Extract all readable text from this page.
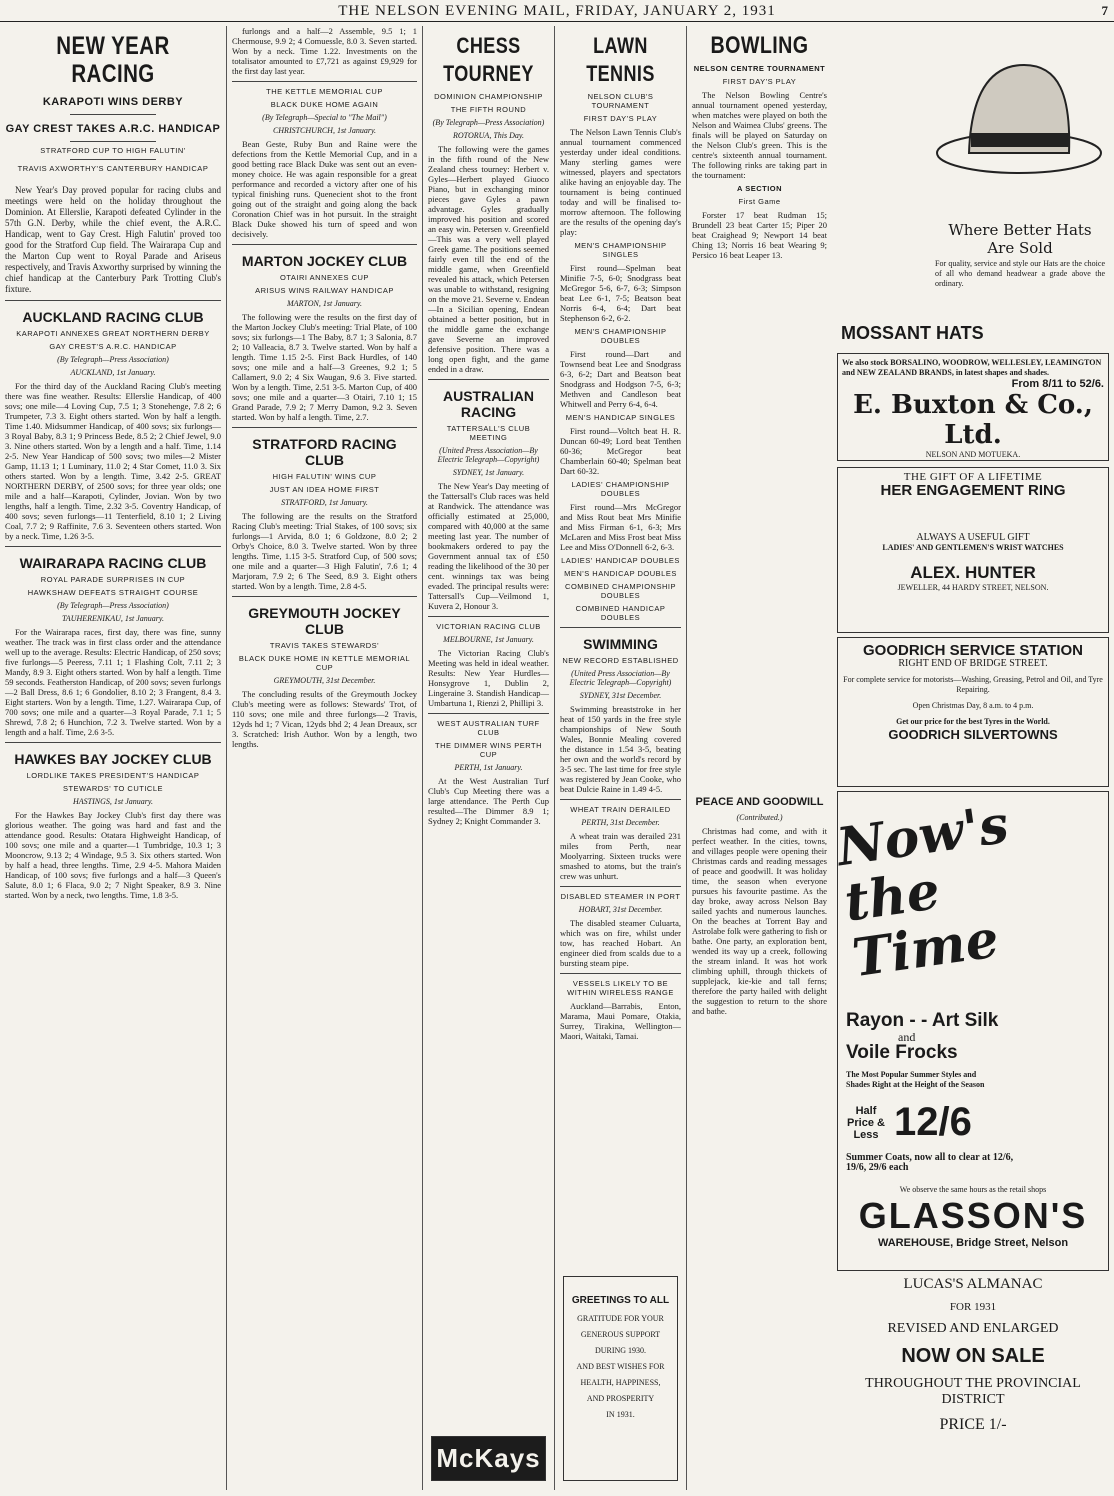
THE NELSON EVENING MAIL, FRIDAY, JANUARY 2, 1931	7
NEW YEAR RACING
KARAPOTI WINS DERBY
GAY CREST TAKES A.R.C. HANDICAP
STRATFORD CUP TO HIGH FALUTIN'
TRAVIS AXWORTHY'S CANTERBURY HANDICAP

New Year's Day proved popular for racing clubs and meetings were held on the holiday throughout the Dominion. At Ellerslie, Karapoti defeated Cylinder in the 57th G.N. Derby, while the chief event, the A.R.C. Handicap, went to Gay Crest. High Falutin' proved too good for the Stratford Cup field. The Wairarapa Cup and the Marton Cup went to Royal Parade and Ariseus respectively, and Travis Axworthy surprised by winning the chief handicap at the Canterbury Park Trotting Club's fixture.

AUCKLAND RACING CLUB
KARAPOTI ANNEXES GREAT NORTHERN DERBY
GAY CREST'S A.R.C. HANDICAP
(By Telegraph—Press Association)
AUCKLAND, 1st January.

For the third day of the Auckland Racing Club's meeting there was fine weather. Results: Ellerslie Handicap, of 400 sovs; one mile—4 Loving Cup, 7.5 1; 3 Stonehenge, 7.8 2; 6 Trumpeter, 7.3 3. Eight others started. Won by half a length. Time 1.40. Midsummer Handicap, of 400 sovs; six furlongs—3 Royal Baby, 8.3 1; 9 Princess Bede, 8.5 2; 2 Chief Jewel, 9.0 3. Nine others started. Won by a length and a half. Time, 1.14 2-5. New Year Handicap of 500 sovs; two miles—2 Mister Gamp, 11.13 1; 1 Luminary, 11.0 2; 4 Star Comet, 11.0 3. Six others started. Won by a length. Time, 3.42 2-5. GREAT NORTHERN DERBY, of 2500 sovs; for three year olds; one mile and a half—Karapoti, Cylinder, Jovian. Won by two lengths, half a length. Time, 2.32 3-5. Coventry Handicap, of 400 sovs; seven furlongs—11 Tenterfield, 8.10 1; 2 Living Coal, 7.7 2; 9 Raffinite, 7.6 3. Seventeen others started. Won by a neck. Time, 1.26 3-5.

WAIRARAPA RACING CLUB
ROYAL PARADE SURPRISES IN CUP
HAWKSHAW DEFEATS STRAIGHT COURSE
(By Telegraph—Press Association)
TAUHERENIKAU, 1st January.

For the Wairarapa races, first day, there was fine, sunny weather. The track was in first class order and the attendance well up to the average. Results: Electric Handicap, of 250 sovs; five furlongs—5 Peeress, 7.11 1; 1 Flashing Colt, 7.11 2; 3 Mandy, 8.9 3. Eight others started. Won by half a length. Time 59 seconds. Featherston Handicap, of 200 sovs; seven furlongs—2 Ball Dress, 8.6 1; 6 Gondolier, 8.10 2; 3 Frangent, 8.4 3. Eight starters. Won by a length. Time, 1.27. Wairarapa Cup, of 700 sovs; one mile and a quarter—3 Royal Parade, 7.1 1; 5 Shrewd, 7.8 2; 6 Hunchion, 7.2 3. Twelve started. Won by a length and a half. Time, 2.6 3-5.

HAWKES BAY JOCKEY CLUB
LORDLIKE TAKES PRESIDENT'S HANDICAP
STEWARDS' TO CUTICLE
HASTINGS, 1st January.

For the Hawkes Bay Jockey Club's first day there was glorious weather. The going was hard and fast and the attendance good. Results: Otatara Highweight Handicap, of 100 sovs; one mile and a quarter—1 Tumbridge, 10.3 1; 3 Mooncrow, 9.13 2; 4 Windage, 9.5 3. Six others started. Won by half a head, three lengths. Time, 2.9 4-5. Mahora Maiden Handicap, of 100 sovs; five furlongs and a half—3 Queen's Salute, 8.0 1; 6 Flaca, 9.0 2; 7 Night Speaker, 8.9 3. Nine started. Won by a neck, two lengths. Time, 1.8 3-5.

furlongs and a half—2 Assemble, 9.5 1; 1 Chermouse, 9.9 2; 4 Comuessle, 8.0 3. Seven started. Won by a neck. Time 1.22. Investments on the totalisator amounted to £7,721 as against £9,929 for the first day last year.

THE KETTLE MEMORIAL CUP
BLACK DUKE HOME AGAIN
(By Telegraph—Special to "The Mail")
CHRISTCHURCH, 1st January.

Bean Geste, Ruby Bun and Raine were the defections from the Kettle Memorial Cup, and in a good betting race Black Duke was sent out an even-money choice. He was again responsible for a great performance and recorded a victory after one of his typical finishing runs. Quenecient shot to the front going out of the straight and going along the back Coronation Chief was in hot pursuit. In the straight Black Duke showed his turn of speed and won decisively.

MARTON JOCKEY CLUB
OTAIRI ANNEXES CUP
ARISUS WINS RAILWAY HANDICAP
MARTON, 1st January.

The following were the results on the first day of the Marton Jockey Club's meeting: Trial Plate, of 100 sovs; six furlongs—1 The Baby, 8.7 1; 3 Salonia, 8.7 2; 10 Valleacia, 8.7 3. Twelve started. Won by half a length. Time 1.15 2-5. First Back Hurdles, of 140 sovs; one mile and a half—3 Greenes, 9.2 1; 5 Callamert, 9.0 2; 4 Six Waugan, 9.6 3. Five started. Won by a length. Time, 2.51 3-5. Marton Cup, of 400 sovs; one mile and a quarter—3 Otairi, 7.10 1; 15 Grand Parade, 7.9 2; 7 Merry Damon, 9.2 3. Seven started. Won by half a length. Time, 2.7.

STRATFORD RACING CLUB
HIGH FALUTIN' WINS CUP
JUST AN IDEA HOME FIRST
STRATFORD, 1st January.

The following are the results on the Stratford Racing Club's meeting: Trial Stakes, of 100 sovs; six furlongs—1 Arvida, 8.0 1; 6 Goldzone, 8.0 2; 2 Orby's Choice, 8.0 3. Twelve started. Won by three lengths. Time, 1.15 3-5. Stratford Cup, of 500 sovs; one mile and a quarter—3 High Falutin', 7.6 1; 4 Marjoram, 7.9 2; 6 The Seed, 8.9 3. Eight others started. Won by a length. Time, 2.8 4-5.

GREYMOUTH JOCKEY CLUB
TRAVIS TAKES STEWARDS'
BLACK DUKE HOME IN KETTLE MEMORIAL CUP
GREYMOUTH, 31st December.

The concluding results of the Greymouth Jockey Club's meeting were as follows: Stewards' Trot, of 110 sovs; one mile and three furlongs—2 Travis, 12yds hd 1; 7 Vican, 12yds bhd 2; 4 Jean Dreaux, scr 3. Scratched: Irish Author. Won by a length, two lengths.

CHESS TOURNEY
DOMINION CHAMPIONSHIP
THE FIFTH ROUND
(By Telegraph—Press Association)
ROTORUA, This Day.

The following were the games in the fifth round of the New Zealand chess tourney: Herbert v. Gyles—Herbert played Giuoco Piano, but in exchanging minor pieces gave Gyles a pawn advantage. Gyles gradually improved his position and scored an easy win. Petersen v. Greenfield—This was a very well played Greek game. The positions seemed fairly even till the end of the middle game, when Greenfield revealed his attack, which Petersen was unable to withstand, resigning on the move 21. Severne v. Endean—In a Sicilian opening, Endean obtained a better position, but in the middle game the exchange gave Severne an improved defensive position. There was a long open fight, and the game ended in a draw.

AUSTRALIAN RACING
TATTERSALL'S CLUB MEETING
(United Press Association—By Electric Telegraph—Copyright)
SYDNEY, 1st January.

The New Year's Day meeting of the Tattersall's Club races was held at Randwick. The attendance was officially estimated at 25,000, compared with 40,000 at the same meeting last year. The number of bookmakers ordered to pay the Government annual tax of £50 reading the likelihood of the 30 per cent. winnings tax was being evaded. The principal results were: Tattersall's Cup—Veilmond 1, Kuvera 2, Honour 3.

VICTORIAN RACING CLUB
MELBOURNE, 1st January.

The Victorian Racing Club's Meeting was held in ideal weather. Results: New Year Hurdles—Honsygrove 1, Dublin 2, Lingeraine 3. Standish Handicap—Umbartuna 1, Rienzi 2, Phillipi 3.

WEST AUSTRALIAN TURF CLUB
THE DIMMER WINS PERTH CUP
PERTH, 1st January.

At the West Australian Turf Club's Cup Meeting there was a large attendance. The Perth Cup resulted—The Dimmer 8.9 1; Sydney 2; Knight Commander 3.

McKays
LAWN TENNIS
NELSON CLUB'S TOURNAMENT
FIRST DAY'S PLAY

The Nelson Lawn Tennis Club's annual tournament commenced yesterday under ideal conditions. Many sterling games were witnessed, players and spectators alike having an enjoyable day. The tournament is being continued today and will be finalised to-morrow afternoon. The following are the results of the opening day's play:

MEN'S CHAMPIONSHIP SINGLES

First round—Spelman beat Minifie 7-5, 6-0; Snodgrass beat McGregor 5-6, 6-7, 6-3; Simpson beat Lee 6-1, 7-5; Beatson beat Norris 6-4, 6-4; Dart beat Stephenson 6-2, 6-2.

MEN'S CHAMPIONSHIP DOUBLES

First round—Dart and Townsend beat Lee and Snodgrass 6-3, 6-2; Dart and Beatson beat Snodgrass and Hodgson 7-5, 6-3; Methven and Candleson beat Whitwell and Perry 6-4, 6-4.

MEN'S HANDICAP SINGLES

First round—Voltch beat H. R. Duncan 60-49; Lord beat Tenthen 60-36; McGregor beat Chamberlain 60-40; Spelman beat Dart 60-32.

LADIES' CHAMPIONSHIP DOUBLES

First round—Mrs McGregor and Miss Rout beat Mrs Minifie and Miss Firman 6-1, 6-3; Mrs McLaren and Miss Frost beat Miss Lee and Miss O'Donnell 6-2, 6-3.

LADIES' HANDICAP DOUBLES
MEN'S HANDICAP DOUBLES
COMBINED CHAMPIONSHIP DOUBLES
COMBINED HANDICAP DOUBLES
SWIMMING
NEW RECORD ESTABLISHED
(United Press Association—By Electric Telegraph—Copyright)
SYDNEY, 31st December.

Swimming breaststroke in her heat of 150 yards in the free style championships of New South Wales, Bonnie Mealing covered the distance in 1.54 3-5, beating her own and the world's record by 3-5 sec. The last time for free style was registered by Jean Cooke, who beat Dulcie Raine in 1.49 4-5.

WHEAT TRAIN DERAILED
PERTH, 31st December.

A wheat train was derailed 231 miles from Perth, near Moolyarring. Sixteen trucks were smashed to atoms, but the train's crew was unhurt.

DISABLED STEAMER IN PORT
HOBART, 31st December.

The disabled steamer Culuarta, which was on fire, whilst under tow, has reached Hobart. An engineer died from scalds due to a bursting steam pipe.

VESSELS LIKELY TO BE WITHIN WIRELESS RANGE

Auckland—Barrabis, Enton, Marama, Maui Pomare, Otakia, Surrey, Tirakina, Wellington—Maori, Waitaki, Tamai.

GREETINGS TO ALL
GRATITUDE FOR YOUR
GENEROUS SUPPORT
DURING 1930.
AND BEST WISHES FOR
HEALTH, HAPPINESS,
AND PROSPERITY
IN 1931.
BOWLING
NELSON CENTRE TOURNAMENT
FIRST DAY'S PLAY

The Nelson Bowling Centre's annual tournament opened yesterday, when matches were played on both the Nelson and Waimea Clubs' greens. The finals will be played on Saturday on the Nelson Club's green. This is the centre's sixteenth annual tournament. The following rinks are taking part in the tournament:

A SECTION
First Game

Forster 17 beat Rudman 15; Brundell 23 beat Carter 15; Piper 20 beat Craighead 9; Newport 14 beat Ching 13; Norris 16 beat Wearing 9; Persico 16 beat Leaper 13.

Where Better Hats Are Sold
For quality, service and style our Hats are the choice of all who demand headwear a grade above the ordinary.
MOSSANT HATS
We also stock BORSALINO, WOODROW, WELLESLEY, LEAMINGTON and NEW ZEALAND BRANDS, in latest shapes and shades.
From 8/11 to 52/6.
E. Buxton & Co., Ltd.
NELSON AND MOTUEKA.
THE GIFT OF A LIFETIME
HER ENGAGEMENT RING
ALWAYS A USEFUL GIFT
LADIES' AND GENTLEMEN'S WRIST WATCHES
ALEX. HUNTER
JEWELLER, 44 HARDY STREET, NELSON.
GOODRICH SERVICE STATION
RIGHT END OF BRIDGE STREET.
For complete service for motorists—Washing, Greasing, Petrol and Oil, and Tyre Repairing.
Open Christmas Day, 8 a.m. to 4 p.m.
Get our price for the best Tyres in the World.
GOODRICH SILVERTOWNS
PEACE AND GOODWILL
(Contributed.)

Christmas had come, and with it perfect weather. In the cities, towns, and villages people were opening their Christmas cards and reading messages of peace and goodwill. It was holiday time, the season when everyone pursues his favourite pastime. As the day broke, away across Nelson Bay sailed yachts and numerous launches. On the beaches at Torrent Bay and Astrolabe folk were gathering to fish or bathe. One party, an exploration bent, wended its way up a creek, following the stream inland. It was hot work climbing uphill, through thickets of supplejack, kie-kie and tall ferns; therefore the party hailed with delight the suggestion to return to the shore and bathe.

Now's the Time
Rayon - - Art Silk
and
Voile Frocks
The Most Popular Summer Styles and Shades Right at the Height of the Season
Half Price & Less 12/6
Summer Coats, now all to clear at 12/6, 19/6, 29/6 each
We observe the same hours as the retail shops
GLASSON'S
WAREHOUSE, Bridge Street, Nelson
LUCAS'S ALMANAC
FOR 1931
REVISED AND ENLARGED
NOW ON SALE
THROUGHOUT THE PROVINCIAL DISTRICT
PRICE 1/-
